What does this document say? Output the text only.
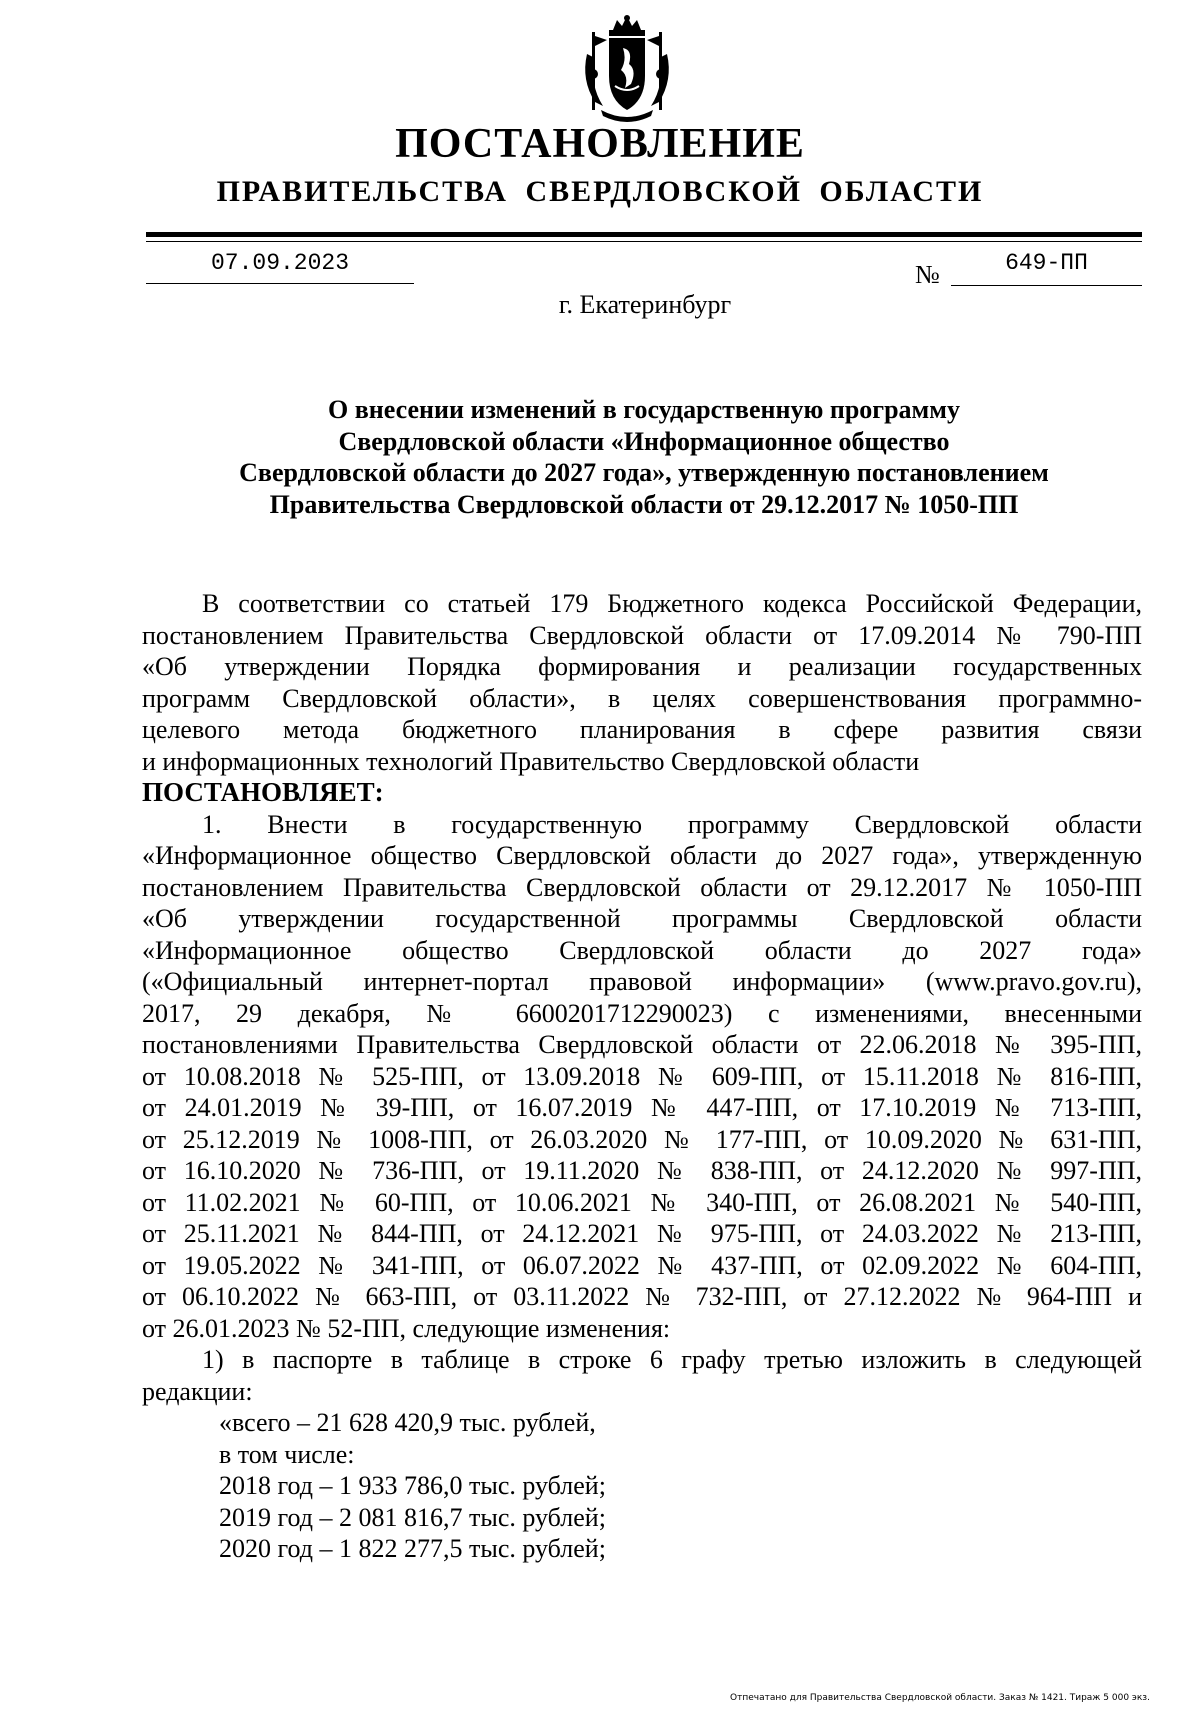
ПОСТАНОВЛЕНИЕ
ПРАВИТЕЛЬСТВА СВЕРДЛОВСКОЙ ОБЛАСТИ
07.09.2023	№	649-ПП
г. Екатеринбург
О внесении изменений в государственную программу
Свердловской области «Информационное общество
Свердловской области до 2027 года», утвержденную постановлением
Правительства Свердловской области от 29.12.2017 № 1050-ПП

В соответствии со статьей 179 Бюджетного кодекса Российской Федерации,

постановлением Правительства Свердловской области от 17.09.2014 № 790-ПП

«Об утверждении Порядка формирования и реализации государственных

программ Свердловской области», в целях совершенствования программно-

целевого метода бюджетного планирования в сфере развития связи

и информационных технологий Правительство Свердловской области

ПОСТАНОВЛЯЕТ:

1. Внести в государственную программу Свердловской области

«Информационное общество Свердловской области до 2027 года», утвержденную

постановлением Правительства Свердловской области от 29.12.2017 № 1050-ПП

«Об утверждении государственной программы Свердловской области

«Информационное общество Свердловской области до 2027 года»

(«Официальный интернет-портал правовой информации» (www.pravo.gov.ru),

2017, 29 декабря, № 6600201712290023) с изменениями, внесенными

постановлениями Правительства Свердловской области от 22.06.2018 № 395-ПП,

от 10.08.2018 № 525-ПП, от 13.09.2018 № 609-ПП, от 15.11.2018 № 816-ПП,

от 24.01.2019 № 39-ПП, от 16.07.2019 № 447-ПП, от 17.10.2019 № 713-ПП,

от 25.12.2019 № 1008-ПП, от 26.03.2020 № 177-ПП, от 10.09.2020 № 631-ПП,

от 16.10.2020 № 736-ПП, от 19.11.2020 № 838-ПП, от 24.12.2020 № 997-ПП,

от 11.02.2021 № 60-ПП, от 10.06.2021 № 340-ПП, от 26.08.2021 № 540-ПП,

от 25.11.2021 № 844-ПП, от 24.12.2021 № 975-ПП, от 24.03.2022 № 213-ПП,

от 19.05.2022 № 341-ПП, от 06.07.2022 № 437-ПП, от 02.09.2022 № 604-ПП,

от 06.10.2022 № 663-ПП, от 03.11.2022 № 732-ПП, от 27.12.2022 № 964-ПП и

от 26.01.2023 № 52-ПП, следующие изменения:

1) в паспорте в таблице в строке 6 графу третью изложить в следующей

редакции:

«всего – 21 628 420,9 тыс. рублей,

в том числе:

2018 год – 1 933 786,0 тыс. рублей;

2019 год – 2 081 816,7 тыс. рублей;

2020 год – 1 822 277,5 тыс. рублей;

Отпечатано для Правительства Свердловской области. Заказ № 1421. Тираж 5 000 экз.
